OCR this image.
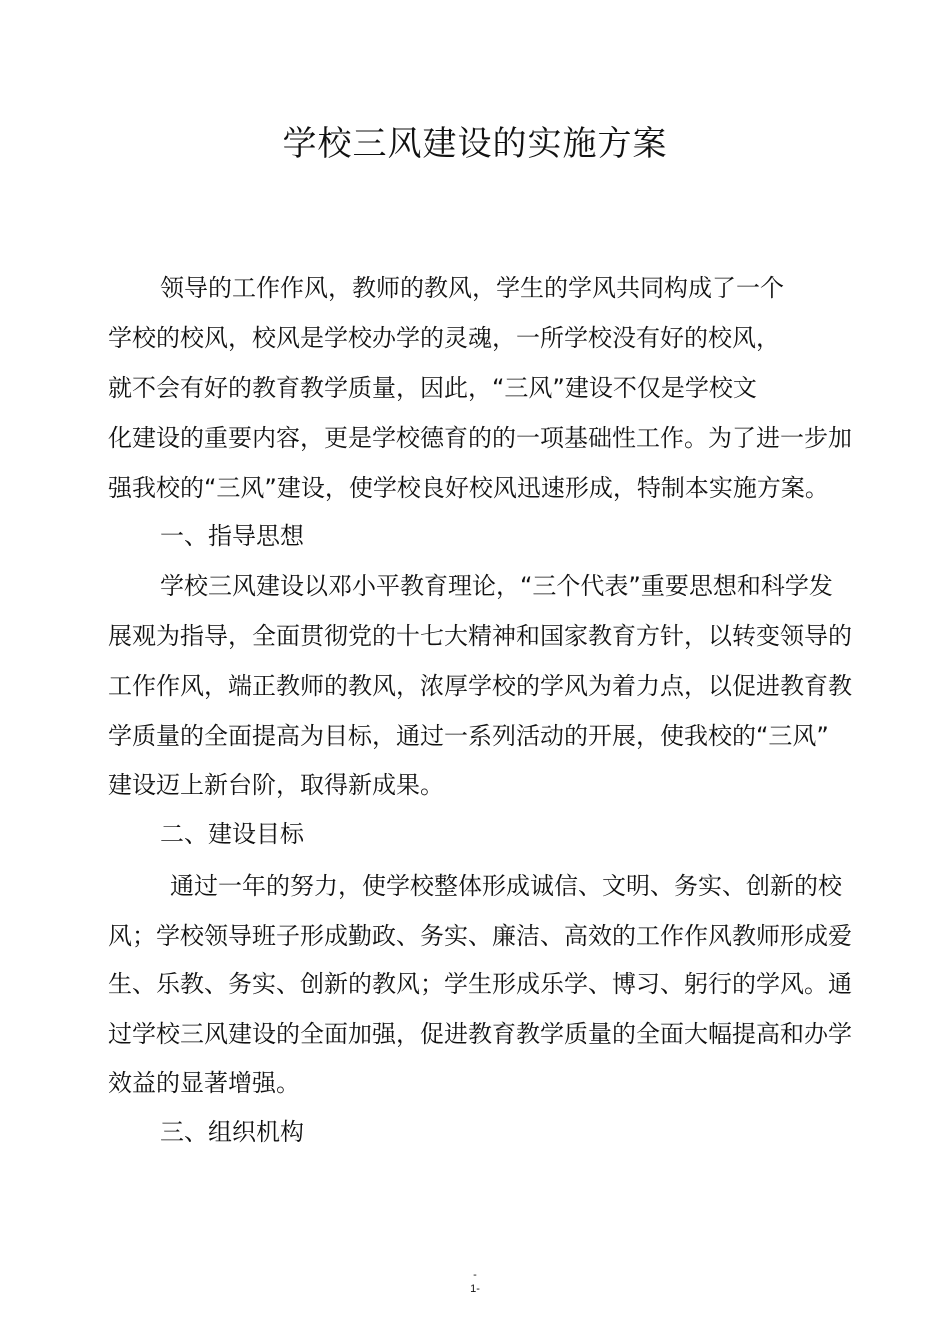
学校三风建设的实施方案

领导的工作作风，教师的教风，学生的学风共同构成了一个

学校的校风，校风是学校办学的灵魂，一所学校没有好的校风，

就不会有好的教育教学质量，因此，“三风”建设不仅是学校文

化建设的重要内容，更是学校德育的的一项基础性工作。为了进一步加

强我校的“三风”建设，使学校良好校风迅速形成，特制本实施方案。

一、指导思想

学校三风建设以邓小平教育理论，“三个代表”重要思想和科学发

展观为指导，全面贯彻党的十七大精神和国家教育方针，以转变领导的

工作作风，端正教师的教风，浓厚学校的学风为着力点，以促进教育教

学质量的全面提高为目标，通过一系列活动的开展，使我校的“三风”

建设迈上新台阶，取得新成果。

二、建设目标

通过一年的努力，使学校整体形成诚信、文明、务实、创新的校

风；学校领导班子形成勤政、务实、廉洁、高效的工作作风教师形成爱

生、乐教、务实、创新的教风；学生形成乐学、博习、躬行的学风。通

过学校三风建设的全面加强，促进教育教学质量的全面大幅提高和办学

效益的显著增强。

三、组织机构

-
1-
